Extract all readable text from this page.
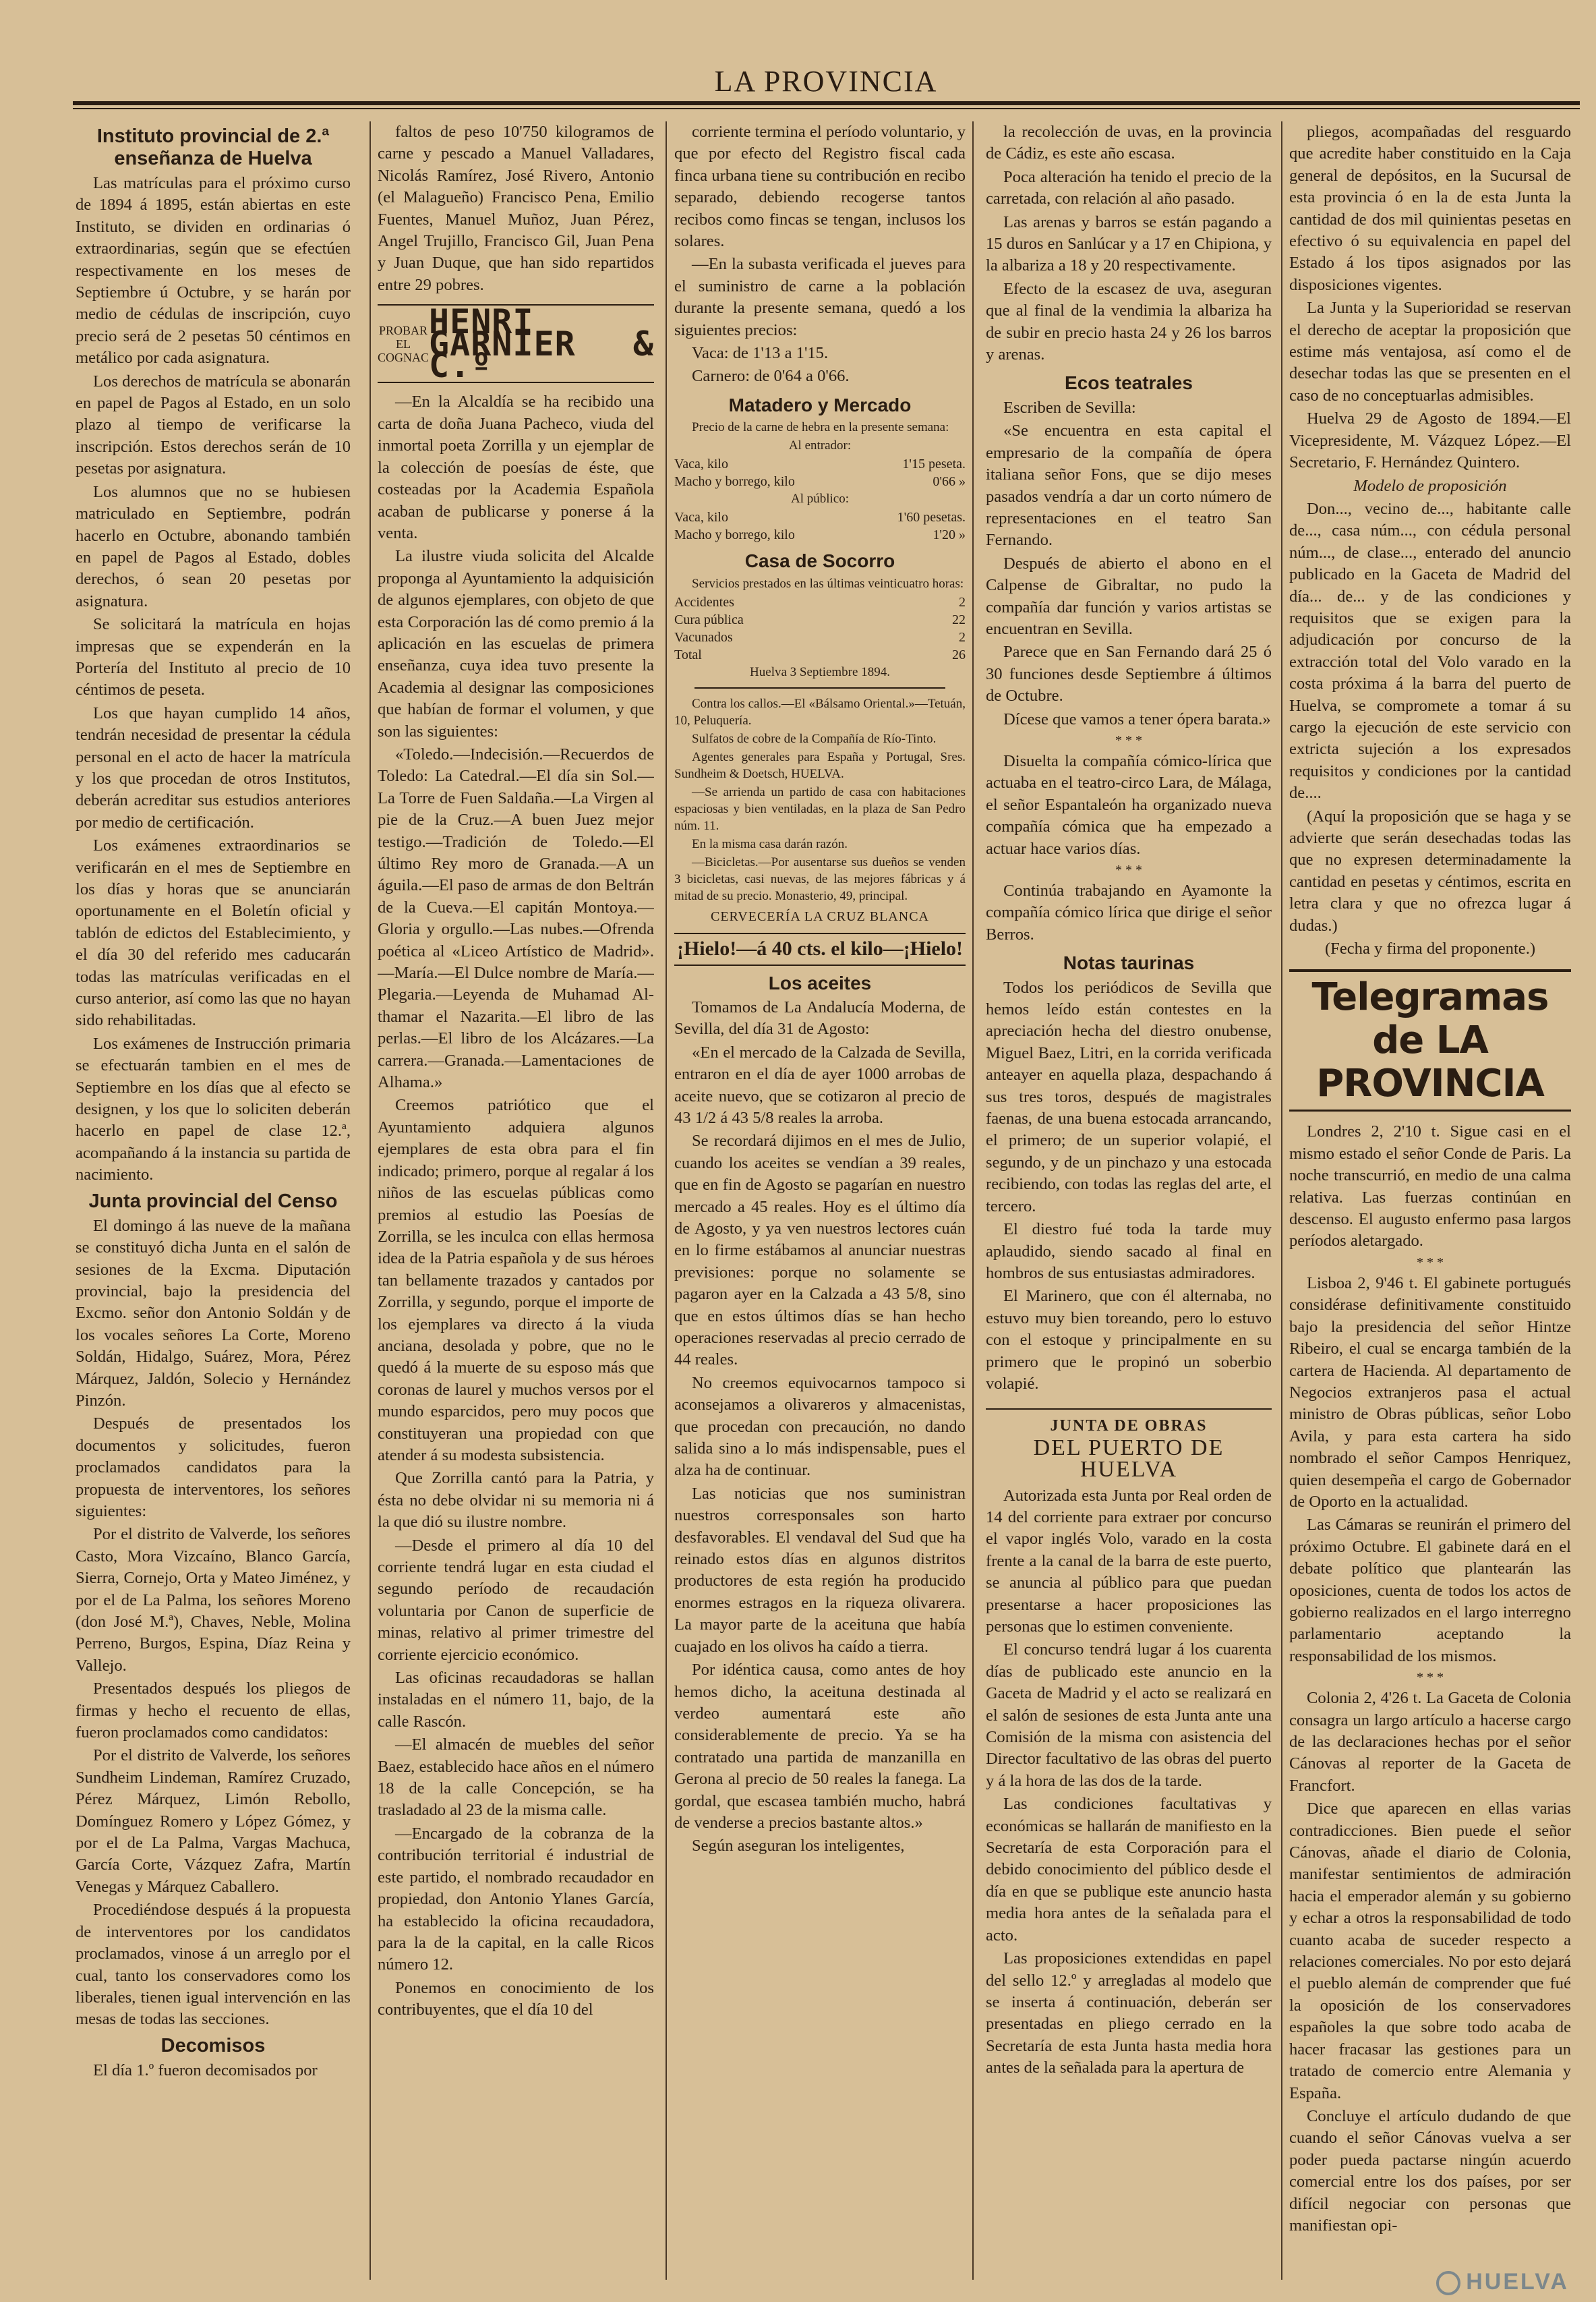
LA PROVINCIA
Instituto provincial de 2.ª enseñanza de Huelva

Las matrículas para el próximo curso de 1894 á 1895, están abiertas en este Instituto, se dividen en ordinarias ó extraordinarias, según que se efectúen respectivamente en los meses de Septiembre ú Octubre, y se harán por medio de cédulas de inscripción, cuyo precio será de 2 pesetas 50 céntimos en metálico por cada asignatura.

Los derechos de matrícula se abonarán en papel de Pagos al Estado, en un solo plazo al tiempo de verificarse la inscripción. Estos derechos serán de 10 pesetas por asignatura.

Los alumnos que no se hubiesen matriculado en Septiembre, podrán hacerlo en Octubre, abonando también en papel de Pagos al Estado, dobles derechos, ó sean 20 pesetas por asignatura.

Se solicitará la matrícula en hojas impresas que se expenderán en la Portería del Instituto al precio de 10 céntimos de peseta.

Los que hayan cumplido 14 años, tendrán necesidad de presentar la cédula personal en el acto de hacer la matrícula y los que procedan de otros Institutos, deberán acreditar sus estudios anteriores por medio de certificación.

Los exámenes extraordinarios se verificarán en el mes de Septiembre en los días y horas que se anunciarán oportunamente en el Boletín oficial y tablón de edictos del Establecimiento, y el día 30 del referido mes caducarán todas las matrículas verificadas en el curso anterior, así como las que no hayan sido rehabilitadas.

Los exámenes de Instrucción primaria se efectuarán tambien en el mes de Septiembre en los días que al efecto se designen, y los que lo soliciten deberán hacerlo en papel de clase 12.ª, acompañando á la instancia su partida de nacimiento.

Junta provincial del Censo

El domingo á las nueve de la mañana se constituyó dicha Junta en el salón de sesiones de la Excma. Diputación provincial, bajo la presidencia del Excmo. señor don Antonio Soldán y de los vocales señores La Corte, Moreno Soldán, Hidalgo, Suárez, Mora, Pérez Márquez, Jaldón, Solecio y Hernández Pinzón.

Después de presentados los documentos y solicitudes, fueron proclamados candidatos para la propuesta de interventores, los señores siguientes:

Por el distrito de Valverde, los señores Casto, Mora Vizcaíno, Blanco García, Sierra, Cornejo, Orta y Mateo Jiménez, y por el de La Palma, los señores Moreno (don José M.ª), Chaves, Neble, Molina Perreno, Burgos, Espina, Díaz Reina y Vallejo.

Presentados después los pliegos de firmas y hecho el recuento de ellas, fueron proclamados como candidatos:

Por el distrito de Valverde, los señores Sundheim Lindeman, Ramírez Cruzado, Pérez Márquez, Limón Rebollo, Domínguez Romero y López Gómez, y por el de La Palma, Vargas Machuca, García Corte, Vázquez Zafra, Martín Venegas y Márquez Caballero.

Procediéndose después á la propuesta de interventores por los candidatos proclamados, vinose á un arreglo por el cual, tanto los conservadores como los liberales, tienen igual intervención en las mesas de todas las secciones.

Decomisos

El día 1.º fueron decomisados por

faltos de peso 10'750 kilogramos de carne y pescado a Manuel Valladares, Nicolás Ramírez, José Rivero, Antonio (el Malagueño) Francisco Pena, Emilio Fuentes, Manuel Muñoz, Juan Pérez, Angel Trujillo, Francisco Gil, Juan Pena y Juan Duque, que han sido repartidos entre 29 pobres.

PROBAR EL COGNAC
HENRI GARNIER & C.º

—En la Alcaldía se ha recibido una carta de doña Juana Pacheco, viuda del inmortal poeta Zorrilla y un ejemplar de la colección de poesías de éste, que costeadas por la Academia Española acaban de publicarse y ponerse á la venta.

La ilustre viuda solicita del Alcalde proponga al Ayuntamiento la adquisición de algunos ejemplares, con objeto de que esta Corporación las dé como premio á la aplicación en las escuelas de primera enseñanza, cuya idea tuvo presente la Academia al designar las composiciones que habían de formar el volumen, y que son las siguientes:

«Toledo.—Indecisión.—Recuerdos de Toledo: La Catedral.—El día sin Sol.—La Torre de Fuen Saldaña.—La Virgen al pie de la Cruz.—A buen Juez mejor testigo.—Tradición de Toledo.—El último Rey moro de Granada.—A un águila.—El paso de armas de don Beltrán de la Cueva.—El capitán Montoya.—Gloria y orgullo.—Las nubes.—Ofrenda poética al «Liceo Artístico de Madrid».—María.—El Dulce nombre de María.—Plegaria.—Leyenda de Muhamad Al-thamar el Nazarita.—El libro de las perlas.—El libro de los Alcázares.—La carrera.—Granada.—Lamentaciones de Alhama.»

Creemos patriótico que el Ayuntamiento adquiera algunos ejemplares de esta obra para el fin indicado; primero, porque al regalar á los niños de las escuelas públicas como premios al estudio las Poesías de Zorrilla, se les inculca con ellas hermosa idea de la Patria española y de sus héroes tan bellamente trazados y cantados por Zorrilla, y segundo, porque el importe de los ejemplares va directo á la viuda anciana, desolada y pobre, que no le quedó á la muerte de su esposo más que coronas de laurel y muchos versos por el mundo esparcidos, pero muy pocos que constituyeran una propiedad con que atender á su modesta subsistencia.

Que Zorrilla cantó para la Patria, y ésta no debe olvidar ni su memoria ni á la que dió su ilustre nombre.

—Desde el primero al día 10 del corriente tendrá lugar en esta ciudad el segundo período de recaudación voluntaria por Canon de superficie de minas, relativo al primer trimestre del corriente ejercicio económico.

Las oficinas recaudadoras se hallan instaladas en el número 11, bajo, de la calle Rascón.

—El almacén de muebles del señor Baez, establecido hace años en el número 18 de la calle Concepción, se ha trasladado al 23 de la misma calle.

—Encargado de la cobranza de la contribución territorial é industrial de este partido, el nombrado recaudador en propiedad, don Antonio Ylanes García, ha establecido la oficina recaudadora, para la de la capital, en la calle Ricos número 12.

Ponemos en conocimiento de los contribuyentes, que el día 10 del

corriente termina el período voluntario, y que por efecto del Registro fiscal cada finca urbana tiene su contribución en recibo separado, debiendo recogerse tantos recibos como fincas se tengan, inclusos los solares.

—En la subasta verificada el jueves para el suministro de carne a la población durante la presente semana, quedó a los siguientes precios:

Vaca: de 1'13 a 1'15.

Carnero: de 0'64 a 0'66.

Matadero y Mercado

Precio de la carne de hebra en la presente semana:

Al entrador:

Vaca, kilo	1'15 peseta.
Macho y borrego, kilo	0'66 »

Al público:

Vaca, kilo	1'60 pesetas.
Macho y borrego, kilo	1'20 »
Casa de Socorro

Servicios prestados en las últimas veinticuatro horas:

Accidentes	2
Cura pública	22
Vacunados	2
Total	26

Huelva 3 Septiembre 1894.

Contra los callos.—El «Bálsamo Oriental.»—Tetuán, 10, Peluquería.

Sulfatos de cobre de la Compañía de Río-Tinto.

Agentes generales para España y Portugal, Sres. Sundheim & Doetsch, HUELVA.

—Se arrienda un partido de casa con habitaciones espaciosas y bien ventiladas, en la plaza de San Pedro núm. 11.

En la misma casa darán razón.

—Bicicletas.—Por ausentarse sus dueños se venden 3 bicicletas, casi nuevas, de las mejores fábricas y á mitad de su precio. Monasterio, 49, principal.

CERVECERÍA LA CRUZ BLANCA
¡Hielo!—á 40 cts. el kilo—¡Hielo!
Los aceites

Tomamos de La Andalucía Moderna, de Sevilla, del día 31 de Agosto:

«En el mercado de la Calzada de Sevilla, entraron en el día de ayer 1000 arrobas de aceite nuevo, que se cotizaron al precio de 43 1/2 á 43 5/8 reales la arroba.

Se recordará dijimos en el mes de Julio, cuando los aceites se vendían a 39 reales, que en fin de Agosto se pagarían en nuestro mercado a 45 reales. Hoy es el último día de Agosto, y ya ven nuestros lectores cuán en lo firme estábamos al anunciar nuestras previsiones: porque no solamente se pagaron ayer en la Calzada a 43 5/8, sino que en estos últimos días se han hecho operaciones reservadas al precio cerrado de 44 reales.

No creemos equivocarnos tampoco si aconsejamos a olivareros y almacenistas, que procedan con precaución, no dando salida sino a lo más indispensable, pues el alza ha de continuar.

Las noticias que nos suministran nuestros corresponsales son harto desfavorables. El vendaval del Sud que ha reinado estos días en algunos distritos productores de esta región ha producido enormes estragos en la riqueza olivarera. La mayor parte de la aceituna que había cuajado en los olivos ha caído a tierra.

Por idéntica causa, como antes de hoy hemos dicho, la aceituna destinada al verdeo aumentará este año considerablemente de precio. Ya se ha contratado una partida de manzanilla en Gerona al precio de 50 reales la fanega. La gordal, que escasea también mucho, habrá de venderse a precios bastante altos.»

Según aseguran los inteligentes,

la recolección de uvas, en la provincia de Cádiz, es este año escasa.

Poca alteración ha tenido el precio de la carretada, con relación al año pasado.

Las arenas y barros se están pagando a 15 duros en Sanlúcar y a 17 en Chipiona, y la albariza a 18 y 20 respectivamente.

Efecto de la escasez de uva, aseguran que al final de la vendimia la albariza ha de subir en precio hasta 24 y 26 los barros y arenas.

Ecos teatrales

Escriben de Sevilla:

«Se encuentra en esta capital el empresario de la compañía de ópera italiana señor Fons, que se dijo meses pasados vendría a dar un corto número de representaciones en el teatro San Fernando.

Después de abierto el abono en el Calpense de Gibraltar, no pudo la compañía dar función y varios artistas se encuentran en Sevilla.

Parece que en San Fernando dará 25 ó 30 funciones desde Septiembre á últimos de Octubre.

Dícese que vamos a tener ópera barata.»

* * *

Disuelta la compañía cómico-lírica que actuaba en el teatro-circo Lara, de Málaga, el señor Espantaleón ha organizado nueva compañía cómica que ha empezado a actuar hace varios días.

* * *

Continúa trabajando en Ayamonte la compañía cómico lírica que dirige el señor Berros.

Notas taurinas

Todos los periódicos de Sevilla que hemos leído están contestes en la apreciación hecha del diestro onubense, Miguel Baez, Litri, en la corrida verificada anteayer en aquella plaza, despachando á sus tres toros, después de magistrales faenas, de una buena estocada arrancando, el primero; de un superior volapié, el segundo, y de un pinchazo y una estocada recibiendo, con todas las reglas del arte, el tercero.

El diestro fué toda la tarde muy aplaudido, siendo sacado al final en hombros de sus entusiastas admiradores.

El Marinero, que con él alternaba, no estuvo muy bien toreando, pero lo estuvo con el estoque y principalmente en su primero que le propinó un soberbio volapié.

JUNTA DE OBRAS
DEL PUERTO DE HUELVA

Autorizada esta Junta por Real orden de 14 del corriente para extraer por concurso el vapor inglés Volo, varado en la costa frente a la canal de la barra de este puerto, se anuncia al público para que puedan presentarse a hacer proposiciones las personas que lo estimen conveniente.

El concurso tendrá lugar á los cuarenta días de publicado este anuncio en la Gaceta de Madrid y el acto se realizará en el salón de sesiones de esta Junta ante una Comisión de la misma con asistencia del Director facultativo de las obras del puerto y á la hora de las dos de la tarde.

Las condiciones facultativas y económicas se hallarán de manifiesto en la Secretaría de esta Corporación para el debido conocimiento del público desde el día en que se publique este anuncio hasta media hora antes de la señalada para el acto.

Las proposiciones extendidas en papel del sello 12.º y arregladas al modelo que se inserta á continuación, deberán ser presentadas en pliego cerrado en la Secretaría de esta Junta hasta media hora antes de la señalada para la apertura de

pliegos, acompañadas del resguardo que acredite haber constituido en la Caja general de depósitos, en la Sucursal de esta provincia ó en la de esta Junta la cantidad de dos mil quinientas pesetas en efectivo ó su equivalencia en papel del Estado á los tipos asignados por las disposiciones vigentes.

La Junta y la Superioridad se reservan el derecho de aceptar la proposición que estime más ventajosa, así como el de desechar todas las que se presenten en el caso de no conceptuarlas admisibles.

Huelva 29 de Agosto de 1894.—El Vicepresidente, M. Vázquez López.—El Secretario, F. Hernández Quintero.

Modelo de proposición

Don..., vecino de..., habitante calle de..., casa núm..., con cédula personal núm..., de clase..., enterado del anuncio publicado en la Gaceta de Madrid del día... de... y de las condiciones y requisitos que se exigen para la adjudicación por concurso de la extracción total del Volo varado en la costa próxima á la barra del puerto de Huelva, se compromete a tomar á su cargo la ejecución de este servicio con extricta sujeción a los expresados requisitos y condiciones por la cantidad de....

(Aquí la proposición que se haga y se advierte que serán desechadas todas las que no expresen determinadamente la cantidad en pesetas y céntimos, escrita en letra clara y que no ofrezca lugar á dudas.)

(Fecha y firma del proponente.)

Telegramas de LA PROVINCIA

Londres 2, 2'10 t. Sigue casi en el mismo estado el señor Conde de Paris. La noche transcurrió, en medio de una calma relativa. Las fuerzas continúan en descenso. El augusto enfermo pasa largos períodos aletargado.

* * *

Lisboa 2, 9'46 t. El gabinete portugués considérase definitivamente constituido bajo la presidencia del señor Hintze Ribeiro, el cual se encarga también de la cartera de Hacienda. Al departamento de Negocios extranjeros pasa el actual ministro de Obras públicas, señor Lobo Avila, y para esta cartera ha sido nombrado el señor Campos Henriquez, quien desempeña el cargo de Gobernador de Oporto en la actualidad.

Las Cámaras se reunirán el primero del próximo Octubre. El gabinete dará en el debate político que plantearán las oposiciones, cuenta de todos los actos de gobierno realizados en el largo interregno parlamentario aceptando la responsabilidad de los mismos.

* * *

Colonia 2, 4'26 t. La Gaceta de Colonia consagra un largo artículo a hacerse cargo de las declaraciones hechas por el señor Cánovas al reporter de la Gaceta de Francfort.

Dice que aparecen en ellas varias contradicciones. Bien puede el señor Cánovas, añade el diario de Colonia, manifestar sentimientos de admiración hacia el emperador alemán y su gobierno y echar a otros la responsabilidad de todo cuanto acaba de suceder respecto a relaciones comerciales. No por esto dejará el pueblo alemán de comprender que fué la oposición de los conservadores españoles la que sobre todo acaba de hacer fracasar las gestiones para un tratado de comercio entre Alemania y España.

Concluye el artículo dudando de que cuando el señor Cánovas vuelva a ser poder pueda pactarse ningún acuerdo comercial entre los dos países, por ser difícil negociar con personas que manifiestan opi-

HUELVA
